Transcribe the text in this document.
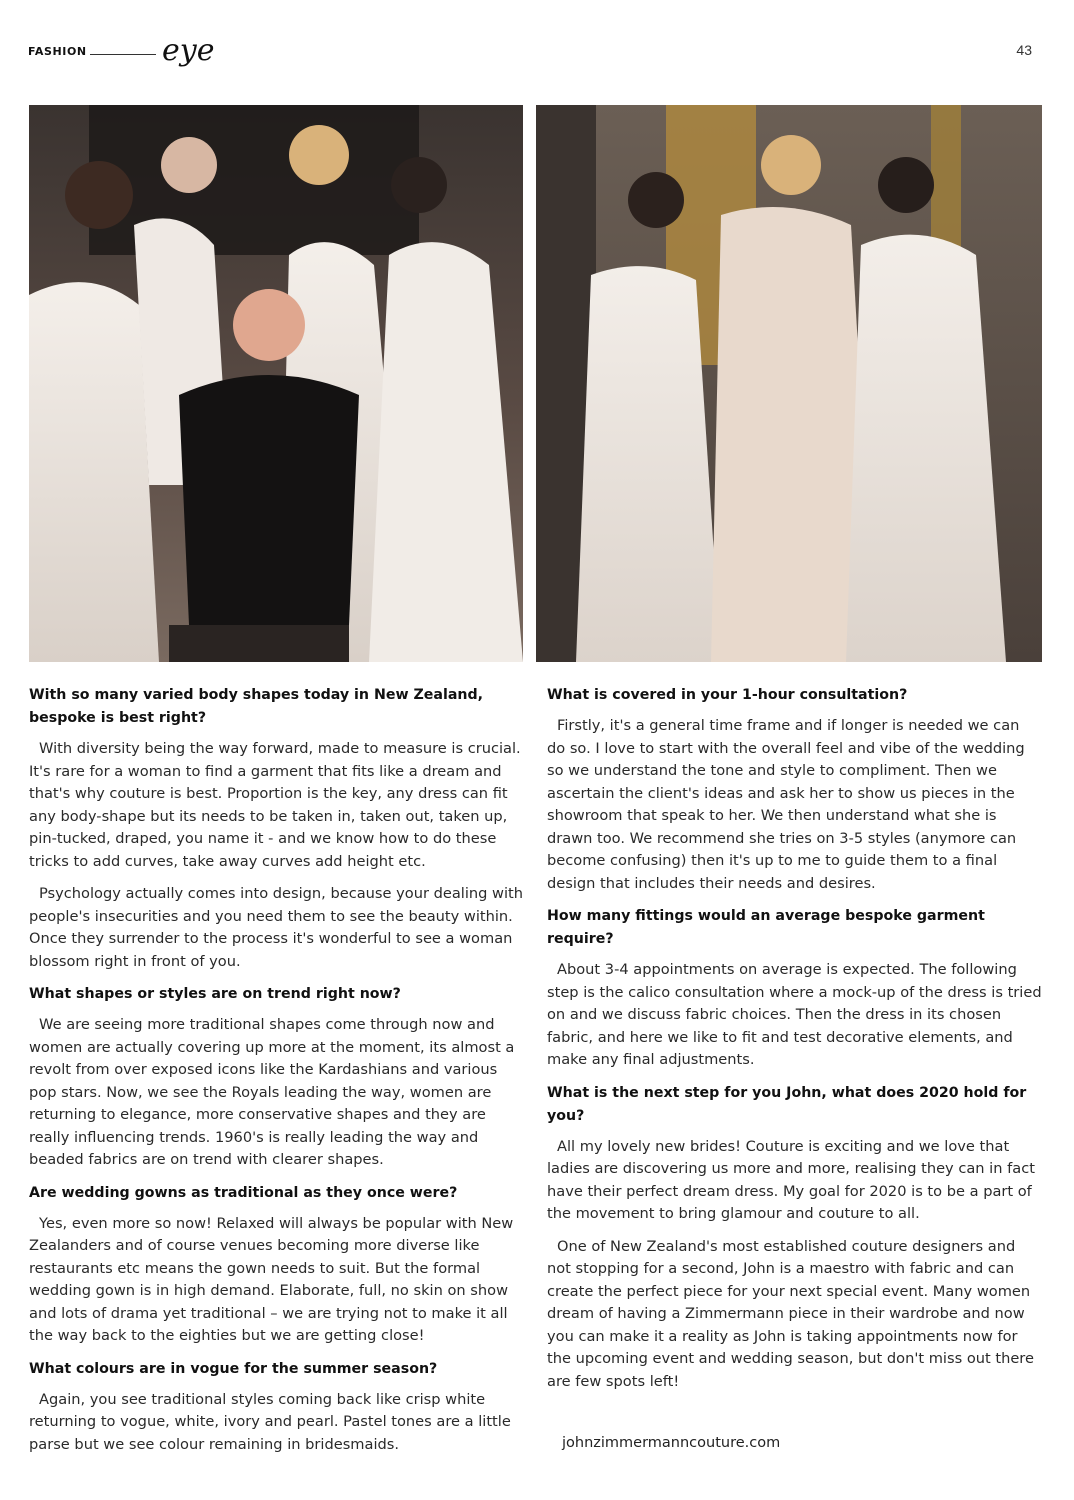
FASHION	eye	43

With so many varied body shapes today in New Zealand, bespoke is best right?

With diversity being the way forward, made to measure is crucial. It's rare for a woman to find a garment that fits like a dream and that's why couture is best. Proportion is the key, any dress can fit any body-shape but its needs to be taken in, taken out, taken up, pin-tucked, draped, you name it - and we know how to do these tricks to add curves, take away curves add height etc.

Psychology actually comes into design, because your dealing with people's insecurities and you need them to see the beauty within. Once they surrender to the process it's wonderful to see a woman blossom right in front of you.

What shapes or styles are on trend right now?

We are seeing more traditional shapes come through now and women are actually covering up more at the moment, its almost a revolt from over exposed icons like the Kardashians and various pop stars. Now, we see the Royals leading the way, women are returning to elegance, more conservative shapes and they are really influencing trends. 1960's is really leading the way and beaded fabrics are on trend with clearer shapes.

Are wedding gowns as traditional as they once were?

Yes, even more so now! Relaxed will always be popular with New Zealanders and of course venues becoming more diverse like restaurants etc means the gown needs to suit. But the formal wedding gown is in high demand. Elaborate, full, no skin on show and lots of drama yet traditional – we are trying not to make it all the way back to the eighties but we are getting close!

What colours are in vogue for the summer season?

Again, you see traditional styles coming back like crisp white returning to vogue, white, ivory and pearl. Pastel tones are a little parse but we see colour remaining in bridesmaids.

What is covered in your 1-hour consultation?

Firstly, it's a general time frame and if longer is needed we can do so. I love to start with the overall feel and vibe of the wedding so we understand the tone and style to compliment. Then we ascertain the client's ideas and ask her to show us pieces in the showroom that speak to her. We then understand what she is drawn too. We recommend she tries on 3-5 styles (anymore can become confusing) then it's up to me to guide them to a final design that includes their needs and desires.

How many fittings would an average bespoke garment require?

About 3-4 appointments on average is expected. The following step is the calico consultation where a mock-up of the dress is tried on and we discuss fabric choices. Then the dress in its chosen fabric, and here we like to fit and test decorative elements, and make any final adjustments.

What is the next step for you John, what does 2020 hold for you?

All my lovely new brides! Couture is exciting and we love that ladies are discovering us more and more, realising they can in fact have their perfect dream dress. My goal for 2020 is to be a part of the movement to bring glamour and couture to all.

One of New Zealand's most established couture designers and not stopping for a second, John is a maestro with fabric and can create the perfect piece for your next special event. Many women dream of having a Zimmermann piece in their wardrobe and now you can make it a reality as John is taking appointments now for the upcoming event and wedding season, but don't miss out there are few spots left!

johnzimmermanncouture.com
